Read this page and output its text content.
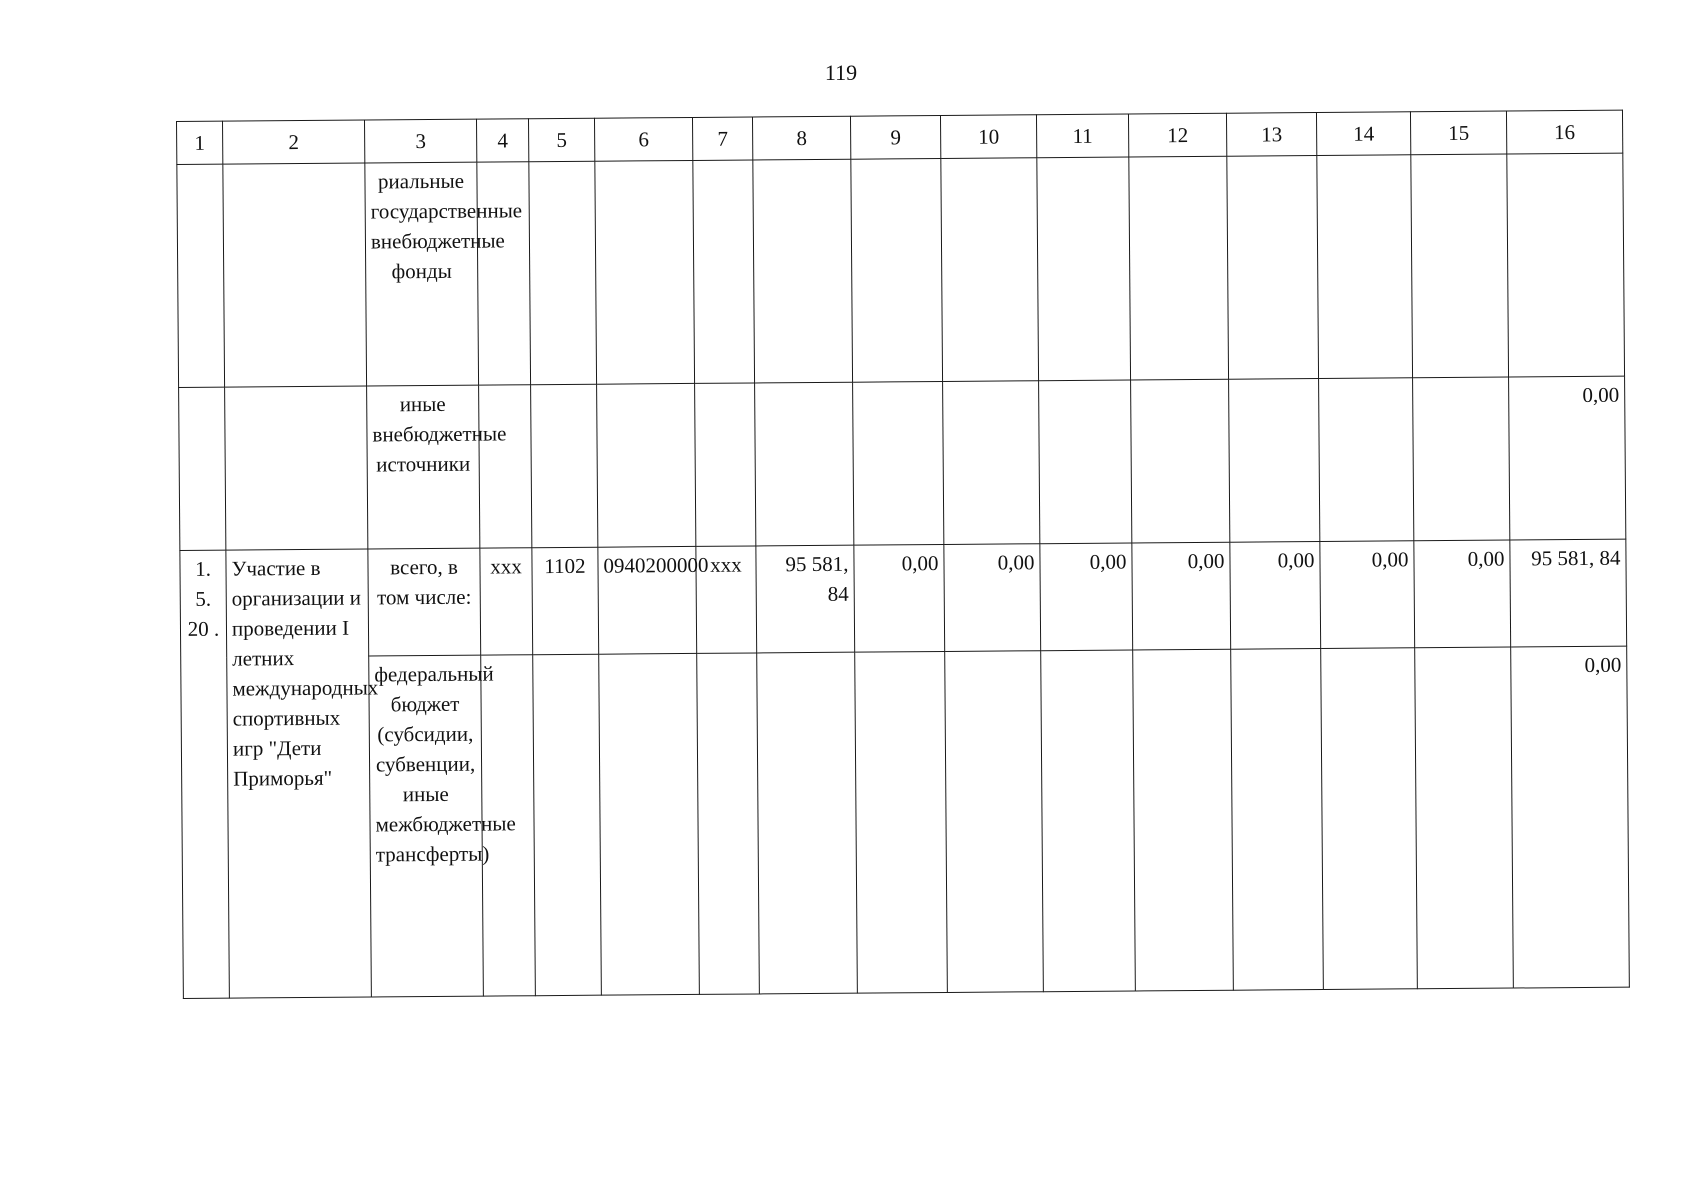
119
1	2	3	4	5	6	7	8	9	10	11	12	13	14	15	16
		риальные государственные внебюджетные фонды													
		иные внебюджетные источники													0,00
1. 5. 20 .	Участие в организации и проведении I летних международных спортивных игр "Дети Приморья"	всего, в том числе:	ххх	1102	0940200000	ххх	95 581, 84	0,00	0,00	0,00	0,00	0,00	0,00	0,00	95 581, 84
		федеральный бюджет (субсидии, субвенции, иные межбюджетные трансферты)													0,00
